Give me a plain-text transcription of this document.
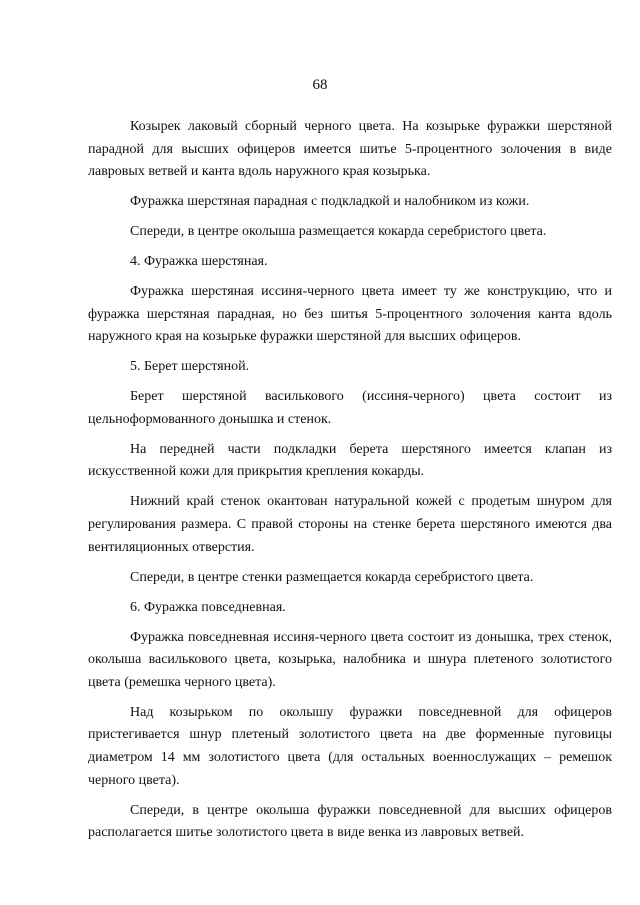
68

Козырек лаковый сборный черного цвета. На козырьке фуражки шерстяной парадной для высших офицеров имеется шитье 5-процентного золочения в виде лавровых ветвей и канта вдоль наружного края козырька.

Фуражка шерстяная парадная с подкладкой и налобником из кожи.

Спереди, в центре околыша размещается кокарда серебристого цвета.

4. Фуражка шерстяная.

Фуражка шерстяная иссиня-черного цвета имеет ту же конструкцию, что и фуражка шерстяная парадная, но без шитья 5-процентного золочения канта вдоль наружного края на козырьке фуражки шерстяной для высших офицеров.

5. Берет шерстяной.

Берет шерстяной василькового (иссиня-черного) цвета состоит из цельноформованного донышка и стенок.

На передней части подкладки берета шерстяного имеется клапан из искусственной кожи для прикрытия крепления кокарды.

Нижний край стенок окантован натуральной кожей с продетым шнуром для регулирования размера. С правой стороны на стенке берета шерстяного имеются два вентиляционных отверстия.

Спереди, в центре стенки размещается кокарда серебристого цвета.

6. Фуражка повседневная.

Фуражка повседневная иссиня-черного цвета состоит из донышка, трех стенок, околыша василькового цвета, козырька, налобника и шнура плетеного золотистого цвета (ремешка черного цвета).

Над козырьком по околышу фуражки повседневной для офицеров пристегивается шнур плетеный золотистого цвета на две форменные пуговицы диаметром 14 мм золотистого цвета (для остальных военнослужащих – ремешок черного цвета).

Спереди, в центре околыша фуражки повседневной для высших офицеров располагается шитье золотистого цвета в виде венка из лавровых ветвей.
